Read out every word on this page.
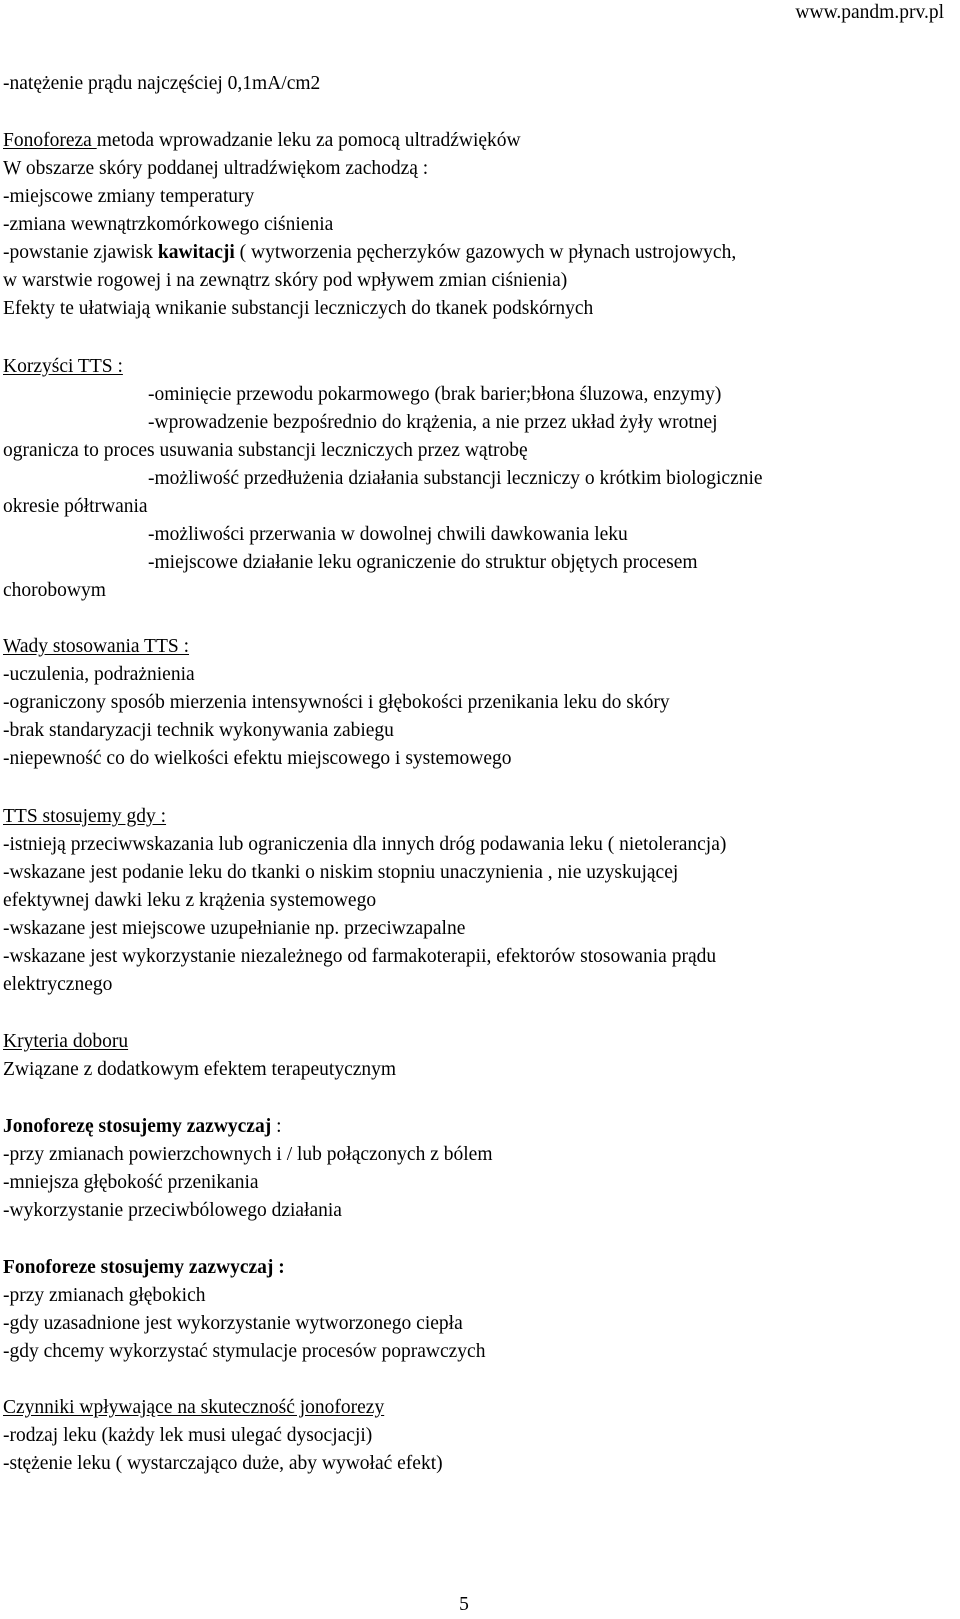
www.pandm.prv.pl
-natężenie prądu najczęściej 0,1mA/cm2
Fonoforeza metoda wprowadzanie leku za pomocą ultradźwięków
W obszarze skóry poddanej ultradźwiękom zachodzą :
-miejscowe zmiany temperatury
-zmiana wewnątrzkomórkowego ciśnienia
-powstanie zjawisk kawitacji ( wytworzenia pęcherzyków gazowych w płynach ustrojowych,
w warstwie rogowej i na zewnątrz skóry pod wpływem zmian ciśnienia)
Efekty te ułatwiają wnikanie substancji leczniczych do tkanek podskórnych
Korzyści TTS :
-ominięcie przewodu pokarmowego (brak barier;błona śluzowa, enzymy)
-wprowadzenie bezpośrednio do krążenia, a nie przez układ żyły wrotnej
ogranicza to proces usuwania substancji leczniczych przez wątrobę
-możliwość przedłużenia działania substancji leczniczy o krótkim biologicznie
okresie półtrwania
-możliwości przerwania w dowolnej chwili dawkowania leku
-miejscowe działanie leku ograniczenie do struktur objętych procesem
chorobowym
Wady stosowania TTS :
-uczulenia, podrażnienia
-ograniczony sposób mierzenia intensywności i głębokości przenikania leku do skóry
-brak standaryzacji technik wykonywania zabiegu
-niepewność co do wielkości efektu miejscowego i systemowego
TTS stosujemy gdy :
-istnieją przeciwwskazania lub ograniczenia dla innych dróg podawania leku ( nietolerancja)
-wskazane jest podanie leku do tkanki o niskim stopniu unaczynienia , nie uzyskującej
efektywnej dawki leku z krążenia systemowego
-wskazane jest miejscowe uzupełnianie np. przeciwzapalne
-wskazane jest wykorzystanie niezależnego od farmakoterapii, efektorów stosowania prądu
elektrycznego
Kryteria doboru
Związane z dodatkowym efektem terapeutycznym
Jonoforezę stosujemy zazwyczaj :
-przy zmianach powierzchownych i / lub połączonych z bólem
-mniejsza głębokość przenikania
-wykorzystanie przeciwbólowego działania
Fonoforeze stosujemy zazwyczaj :
-przy zmianach głębokich
-gdy uzasadnione jest wykorzystanie wytworzonego ciepła
-gdy chcemy wykorzystać stymulacje procesów poprawczych
Czynniki wpływające na skuteczność jonoforezy
-rodzaj leku (każdy lek musi ulegać dysocjacji)
-stężenie leku ( wystarczająco duże, aby wywołać efekt)
5
